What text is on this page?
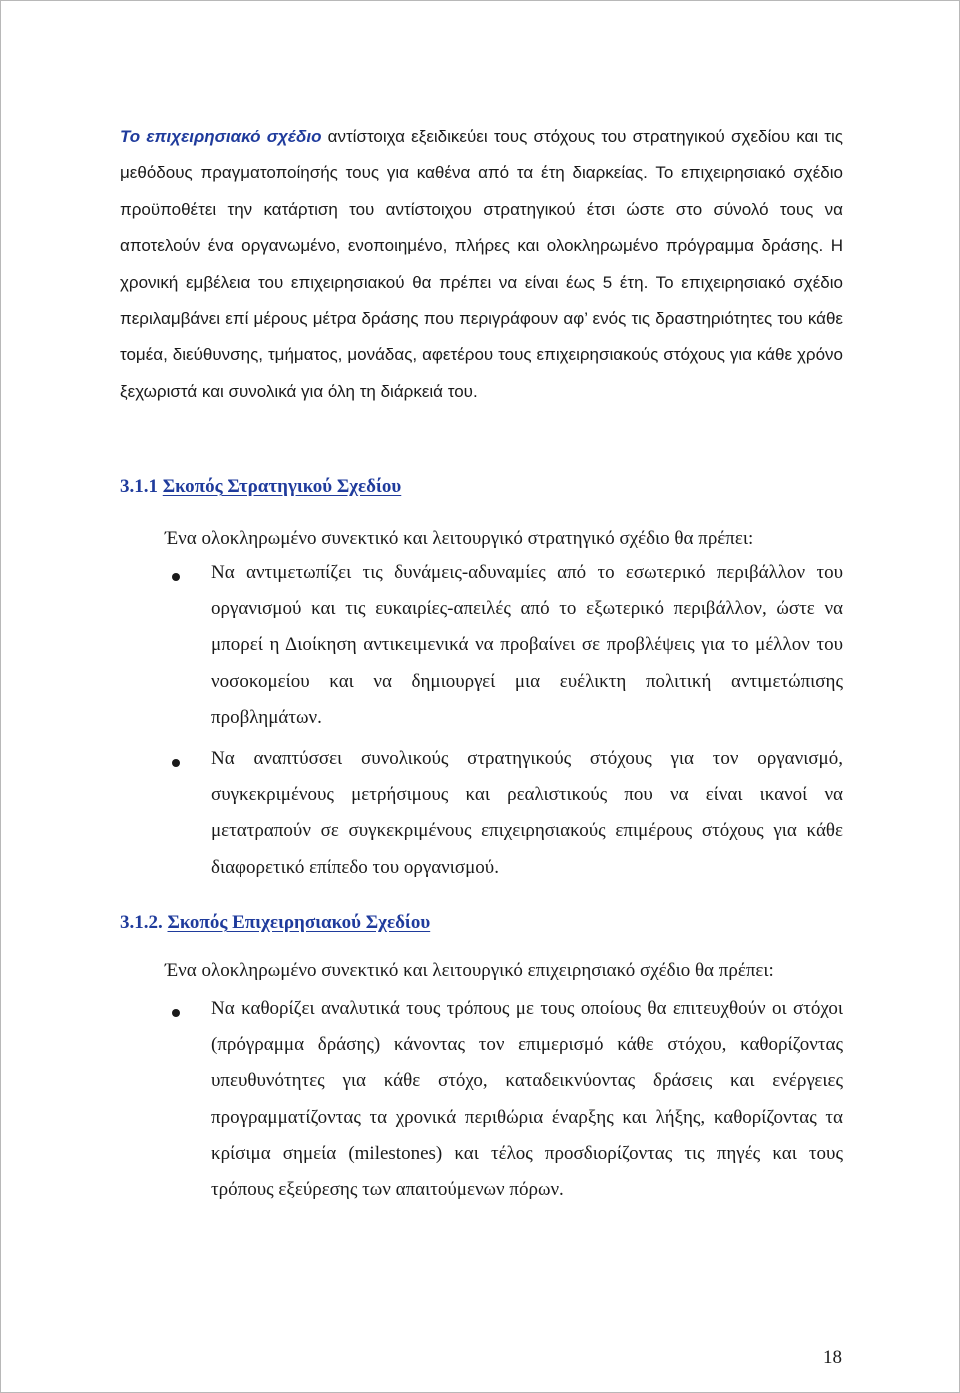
Το επιχειρησιακό σχέδιο αντίστοιχα εξειδικεύει τους στόχους του στρατηγικού σχεδίου και τις μεθόδους πραγματοποίησής τους για καθένα από τα έτη διαρκείας. Το επιχειρησιακό σχέδιο προϋποθέτει την κατάρτιση του αντίστοιχου στρατηγικού έτσι ώστε στο σύνολό τους να αποτελούν ένα οργανωμένο, ενοποιημένο, πλήρες και ολοκληρωμένο πρόγραμμα δράσης. Η χρονική εμβέλεια του επιχειρησιακού θα πρέπει να είναι έως 5 έτη. Το επιχειρησιακό σχέδιο περιλαμβάνει επί μέρους μέτρα δράσης που περιγράφουν αφ’ ενός τις δραστηριότητες του κάθε τομέα, διεύθυνσης, τμήματος, μονάδας, αφετέρου τους επιχειρησιακούς στόχους για κάθε χρόνο ξεχωριστά και συνολικά για όλη τη διάρκειά του.

3.1.1 Σκοπός Στρατηγικού Σχεδίου

Ένα ολοκληρωμένο συνεκτικό και λειτουργικό στρατηγικό σχέδιο θα πρέπει:

Να αντιμετωπίζει τις δυνάμεις-αδυναμίες από το εσωτερικό περιβάλλον του οργανισμού και τις ευκαιρίες-απειλές από το εξωτερικό περιβάλλον, ώστε να μπορεί η Διοίκηση αντικειμενικά να προβαίνει σε προβλέψεις για το μέλλον του νοσοκομείου και να δημιουργεί μια ευέλικτη πολιτική αντιμετώπισης προβλημάτων.
Να αναπτύσσει συνολικούς στρατηγικούς στόχους για τον οργανισμό, συγκεκριμένους μετρήσιμους και ρεαλιστικούς που να είναι ικανοί να μετατραπούν σε συγκεκριμένους επιχειρησιακούς επιμέρους στόχους για κάθε διαφορετικό επίπεδο του οργανισμού.
3.1.2. Σκοπός Επιχειρησιακού Σχεδίου

Ένα ολοκληρωμένο συνεκτικό και λειτουργικό επιχειρησιακό σχέδιο θα πρέπει:

Να καθορίζει αναλυτικά τους τρόπους με τους οποίους θα επιτευχθούν οι στόχοι (πρόγραμμα δράσης) κάνοντας τον επιμερισμό κάθε στόχου, καθορίζοντας υπευθυνότητες για κάθε στόχο, καταδεικνύοντας δράσεις και ενέργειες προγραμματίζοντας τα χρονικά περιθώρια έναρξης και λήξης, καθορίζοντας τα κρίσιμα σημεία (milestones) και τέλος προσδιορίζοντας τις πηγές και τους τρόπους εξεύρεσης των απαιτούμενων πόρων.

18
